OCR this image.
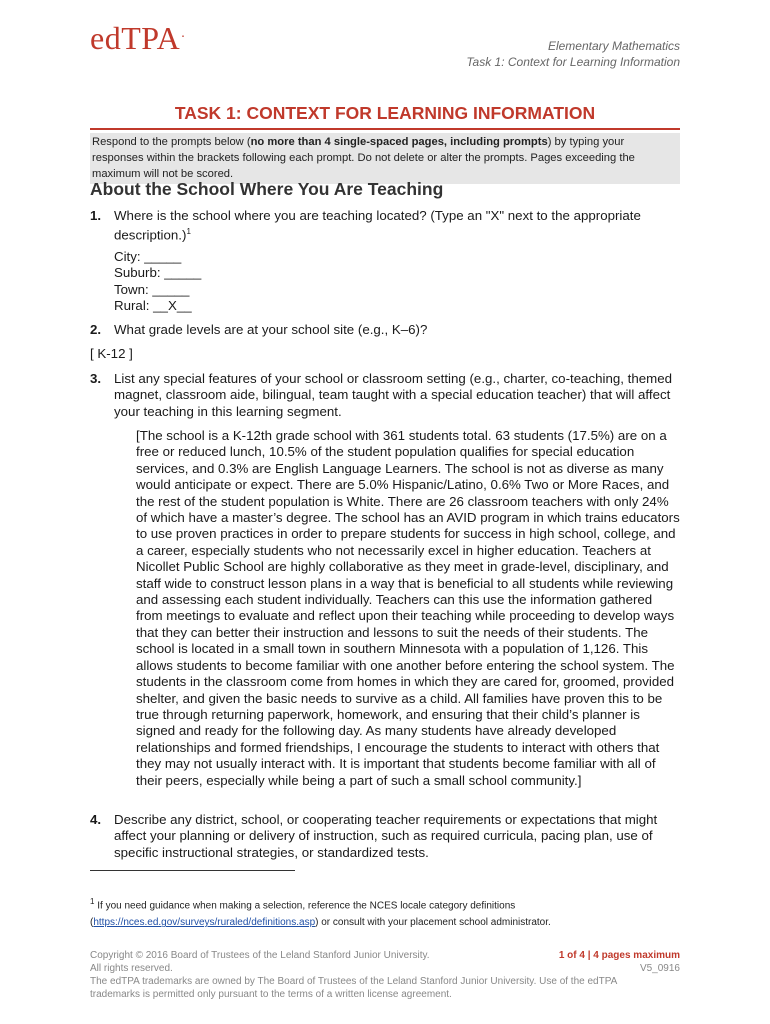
edTPA.
Elementary Mathematics
Task 1: Context for Learning Information
TASK 1: CONTEXT FOR LEARNING INFORMATION
Respond to the prompts below (no more than 4 single-spaced pages, including prompts) by typing your responses within the brackets following each prompt. Do not delete or alter the prompts. Pages exceeding the maximum will not be scored.
About the School Where You Are Teaching
1. Where is the school where you are teaching located? (Type an "X" next to the appropriate description.)$^1$
City: _____
Suburb: _____
Town: _____
Rural: __X__
2. What grade levels are at your school site (e.g., K–6)?
[ K-12 ]
3. List any special features of your school or classroom setting (e.g., charter, co-teaching, themed magnet, classroom aide, bilingual, team taught with a special education teacher) that will affect your teaching in this learning segment.
[The school is a K-12th grade school with 361 students total. 63 students (17.5%) are on a free or reduced lunch, 10.5% of the student population qualifies for special education services, and 0.3% are English Language Learners. The school is not as diverse as many would anticipate or expect. There are 5.0% Hispanic/Latino, 0.6% Two or More Races, and the rest of the student population is White. There are 26 classroom teachers with only 24% of which have a master’s degree. The school has an AVID program in which trains educators to use proven practices in order to prepare students for success in high school, college, and a career, especially students who not necessarily excel in higher education. Teachers at Nicollet Public School are highly collaborative as they meet in grade-level, disciplinary, and staff wide to construct lesson plans in a way that is beneficial to all students while reviewing and assessing each student individually. Teachers can this use the information gathered from meetings to evaluate and reflect upon their teaching while proceeding to develop ways that they can better their instruction and lessons to suit the needs of their students. The school is located in a small town in southern Minnesota with a population of 1,126. This allows students to become familiar with one another before entering the school system. The students in the classroom come from homes in which they are cared for, groomed, provided shelter, and given the basic needs to survive as a child. All families have proven this to be true through returning paperwork, homework, and ensuring that their child’s planner is signed and ready for the following day. As many students have already developed relationships and formed friendships, I encourage the students to interact with others that they may not usually interact with. It is important that students become familiar with all of their peers, especially while being a part of such a small school community.]
4. Describe any district, school, or cooperating teacher requirements or expectations that might affect your planning or delivery of instruction, such as required curricula, pacing plan, use of specific instructional strategies, or standardized tests.
$^1$ If you need guidance when making a selection, reference the NCES locale category definitions
(https://nces.ed.gov/surveys/ruraled/definitions.asp) or consult with your placement school administrator.
Copyright © 2016 Board of Trustees of the Leland Stanford Junior University.
All rights reserved.
1 of 4 | 4 pages maximum
V5_0916
The edTPA trademarks are owned by The Board of Trustees of the Leland Stanford Junior University. Use of the edTPA trademarks is permitted only pursuant to the terms of a written license agreement.
